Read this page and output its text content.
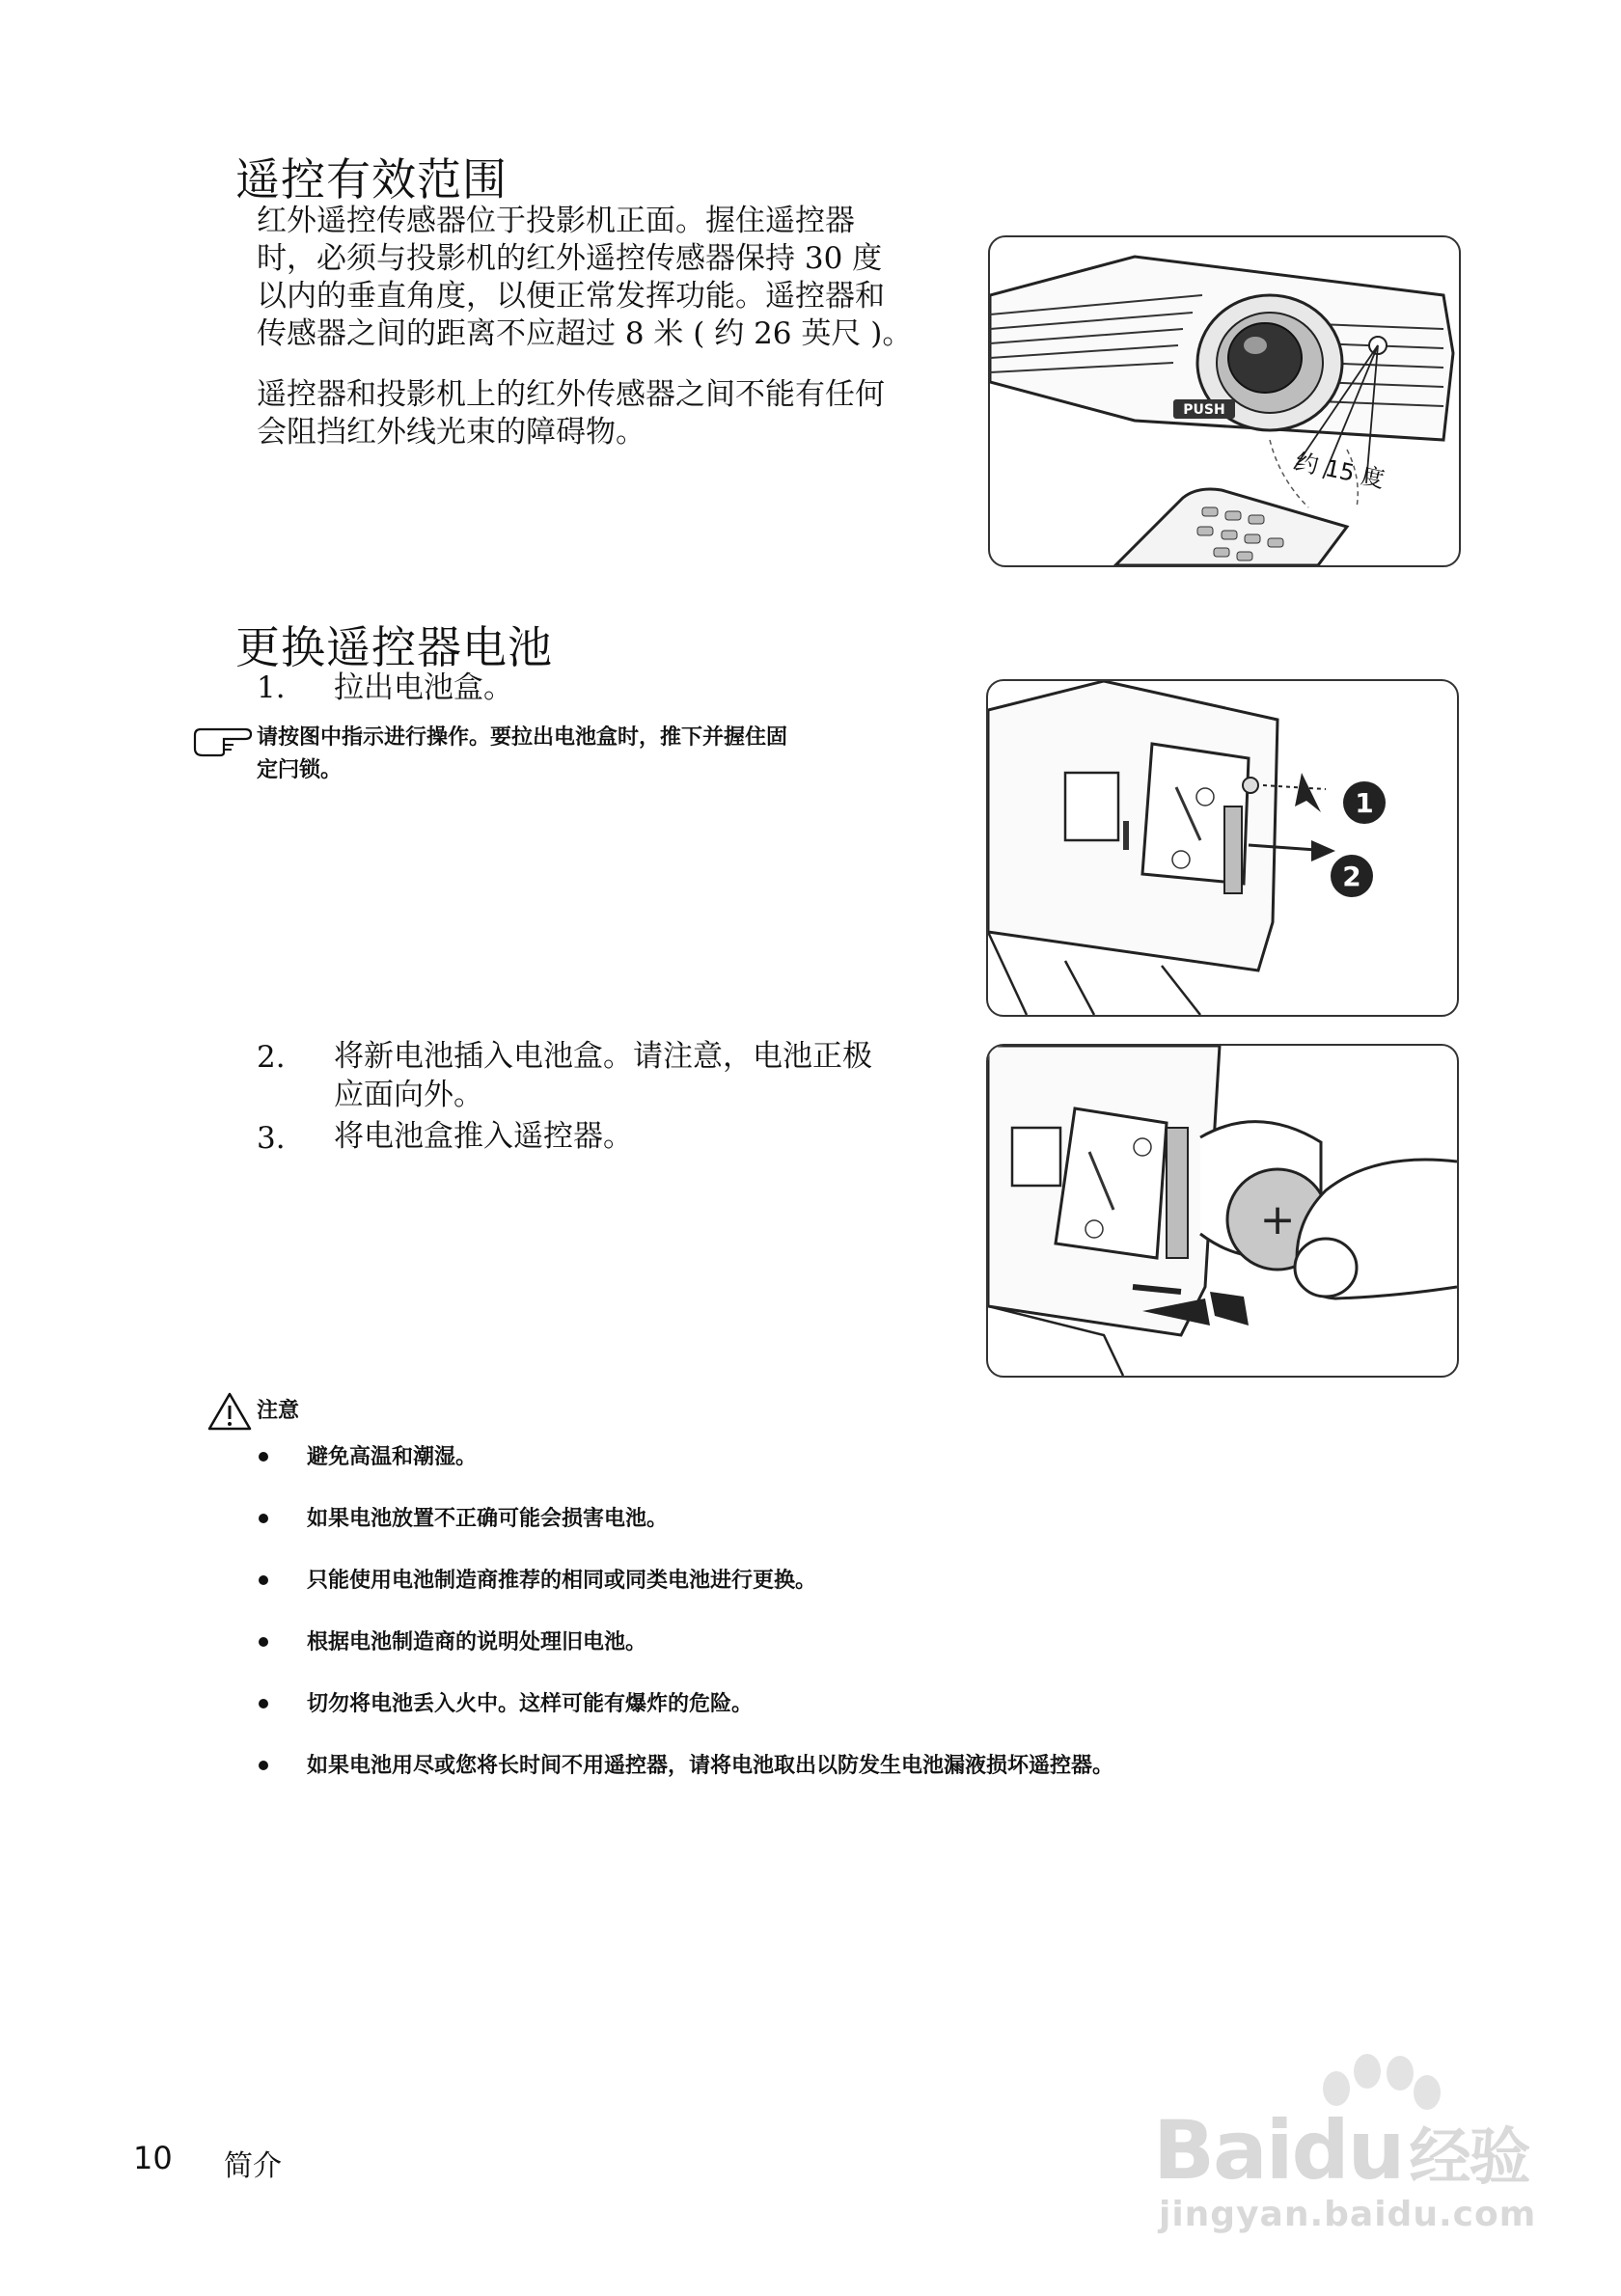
遥控有效范围
红外遥控传感器位于投影机正面。握住遥控器
时，必须与投影机的红外遥控传感器保持 30 度
以内的垂直角度，以便正常发挥功能。遥控器和
传感器之间的距离不应超过 8 米 ( 约 26 英尺 )。
遥控器和投影机上的红外传感器之间不能有任何
会阻挡红外线光束的障碍物。
PUSH
约 15 度
更换遥控器电池
1. 拉出电池盒。
请按图中指示进行操作。要拉出电池盒时，推下并握住固
定闩锁。
1
2
2. 将新电池插入电池盒。请注意，电池正极
应面向外。
3. 将电池盒推入遥控器。
+
注意
避免高温和潮湿。
如果电池放置不正确可能会损害电池。
只能使用电池制造商推荐的相同或同类电池进行更换。
根据电池制造商的说明处理旧电池。
切勿将电池丢入火中。这样可能有爆炸的危险。
如果电池用尽或您将长时间不用遥控器，请将电池取出以防发生电池漏液损坏遥控器。
10 简介	Baidu经验
jingyan.baidu.com
